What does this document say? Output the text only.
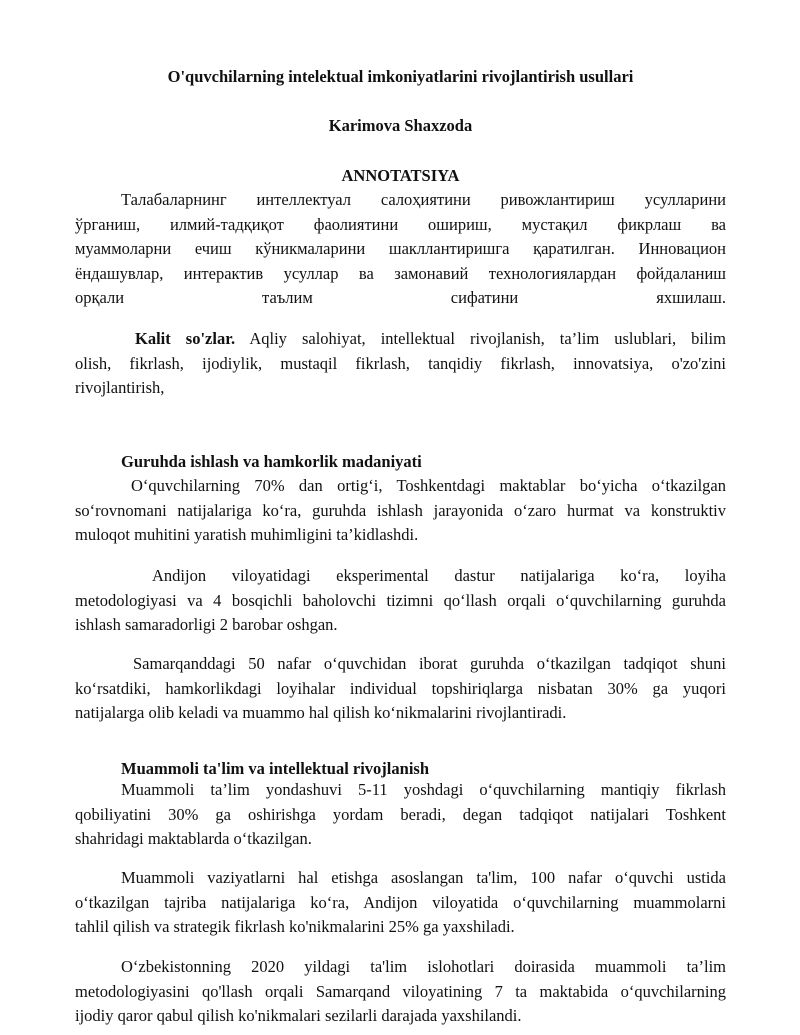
O'quvchilarning intelektual imkoniyatlarini rivojlantirish usullari
Karimova Shaxzoda
ANNOTATSIYA
Талабаларнинг интеллектуал салоҳиятини ривожлантириш усулларини
ўрганиш, илмий-тадқиқот фаолиятини ошириш, мустақил фикрлаш ва
муаммоларни ечиш кўникмаларини шакллантиришга қаратилган. Инновацион
ёндашувлар, интерактив усуллар ва замонавий технологиялардан фойдаланиш
орқали таълим сифатини яхшилаш.
Kalit so'zlar. Aqliy salohiyat, intellektual rivojlanish, ta’lim uslublari, bilim
olish, fikrlash, ijodiylik, mustaqil fikrlash, tanqidiy fikrlash, innovatsiya, o'zo'zini
rivojlantirish,
Guruhda ishlash va hamkorlik madaniyati
O‘quvchilarning 70% dan ortig‘i, Toshkentdagi maktablar bo‘yicha o‘tkazilgan
so‘rovnomani natijalariga ko‘ra, guruhda ishlash jarayonida o‘zaro hurmat va konstruktiv
muloqot muhitini yaratish muhimligini ta’kidlashdi.
Andijon viloyatidagi eksperimental dastur natijalariga ko‘ra, loyiha
metodologiyasi va 4 bosqichli baholovchi tizimni qo‘llash orqali o‘quvchilarning guruhda
ishlash samaradorligi 2 barobar oshgan.
Samarqanddagi 50 nafar o‘quvchidan iborat guruhda o‘tkazilgan tadqiqot shuni
ko‘rsatdiki, hamkorlikdagi loyihalar individual topshiriqlarga nisbatan 30% ga yuqori
natijalarga olib keladi va muammo hal qilish ko‘nikmalarini rivojlantiradi.
Muammoli ta'lim va intellektual rivojlanish
Muammoli ta’lim yondashuvi 5-11 yoshdagi o‘quvchilarning mantiqiy fikrlash
qobiliyatini 30% ga oshirishga yordam beradi, degan tadqiqot natijalari Toshkent
shahridagi maktablarda o‘tkazilgan.
Muammoli vaziyatlarni hal etishga asoslangan ta'lim, 100 nafar o‘quvchi ustida
o‘tkazilgan tajriba natijalariga ko‘ra, Andijon viloyatida o‘quvchilarning muammolarni
tahlil qilish va strategik fikrlash ko'nikmalarini 25% ga yaxshiladi.
O‘zbekistonning 2020 yildagi ta'lim islohotlari doirasida muammoli ta’lim
metodologiyasini qo'llash orqali Samarqand viloyatining 7 ta maktabida o‘quvchilarning
ijodiy qaror qabul qilish ko'nikmalari sezilarli darajada yaxshilandi.
